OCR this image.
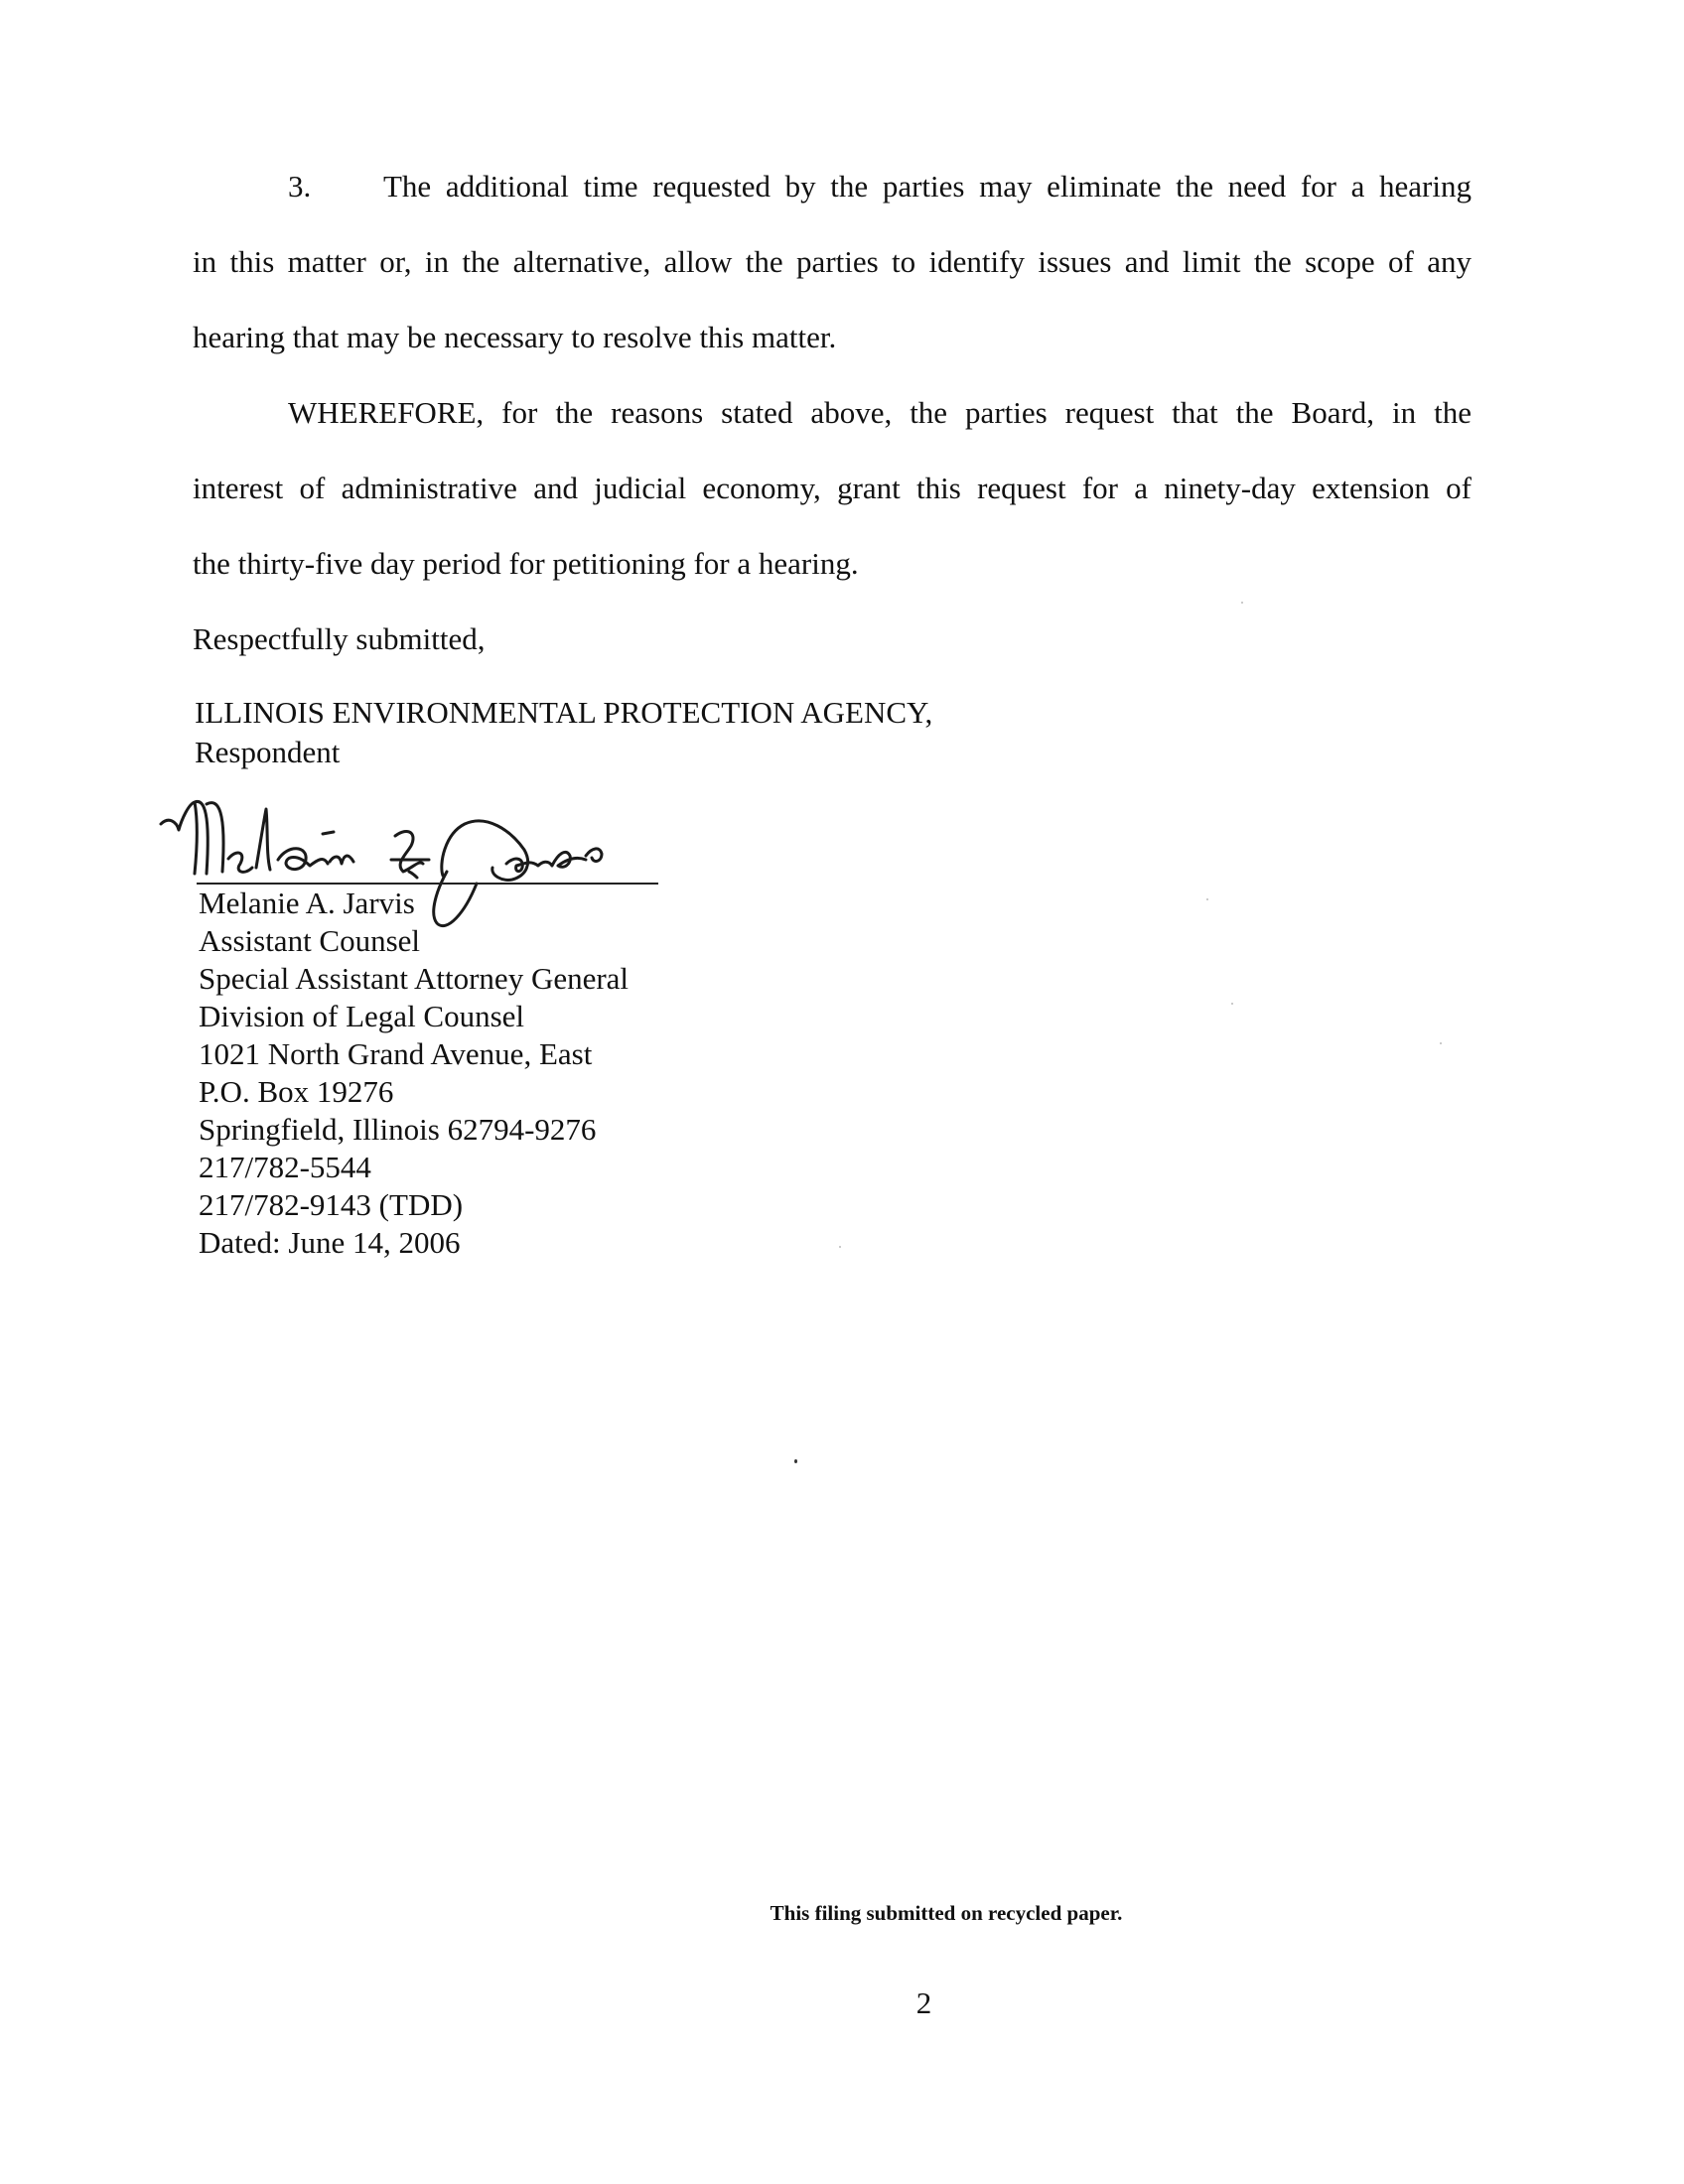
3. The additional time requested by the parties may eliminate the need for a hearing
in this matter or, in the alternative, allow the parties to identify issues and limit the scope of any
hearing that may be necessary to resolve this matter.
WHEREFORE, for the reasons stated above, the parties request that the Board, in the
interest of administrative and judicial economy, grant this request for a ninety-day extension of
the thirty-five day period for petitioning for a hearing.
Respectfully submitted,
ILLINOIS ENVIRONMENTAL PROTECTION AGENCY,
Respondent
Melanie A. Jarvis
Assistant Counsel
Special Assistant Attorney General
Division of Legal Counsel
1021 North Grand Avenue, East
P.O. Box 19276
Springfield, Illinois 62794-9276
217/782-5544
217/782-9143 (TDD)
Dated: June 14, 2006
This filing submitted on recycled paper.
2
